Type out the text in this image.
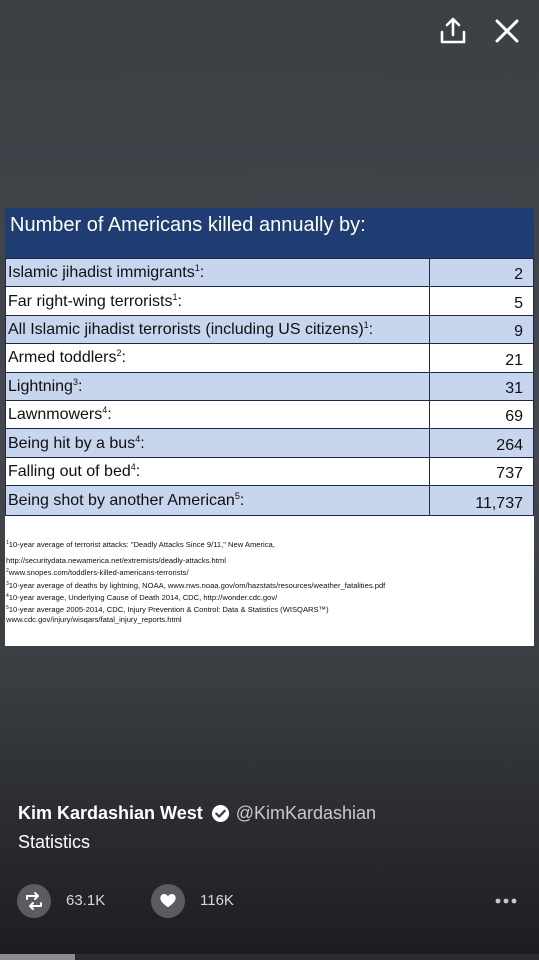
Number of Americans killed annually by:
Islamic jihadist immigrants$^1$:	2
Far right-wing terrorists$^1$:	5
All Islamic jihadist terrorists (including US citizens)$^1$:	9
Armed toddlers$^2$:	21
Lightning$^3$:	31
Lawnmowers$^4$:	69
Being hit by a bus$^4$:	264
Falling out of bed$^4$:	737
Being shot by another American$^5$:	11,737
$^1$10-year average of terrorist attacks: "Deadly Attacks Since 9/11," New America,
http://securitydata.newamerica.net/extremists/deadly-attacks.html
$^2$www.snopes.com/toddlers-killed-americans-terrorists/
$^3$10-year average of deaths by lightning, NOAA, www.nws.noaa.gov/om/hazstats/resources/weather_fatalities.pdf
$^4$10-year average, Underlying Cause of Death 2014, CDC, http://wonder.cdc.gov/
$^5$10-year average 2005-2014, CDC, Injury Prevention & Control: Data & Statistics (WISQARS™)
www.cdc.gov/injury/wisqars/fatal_injury_reports.html
Kim Kardashian West @KimKardashian
Statistics
63.1K	116K
